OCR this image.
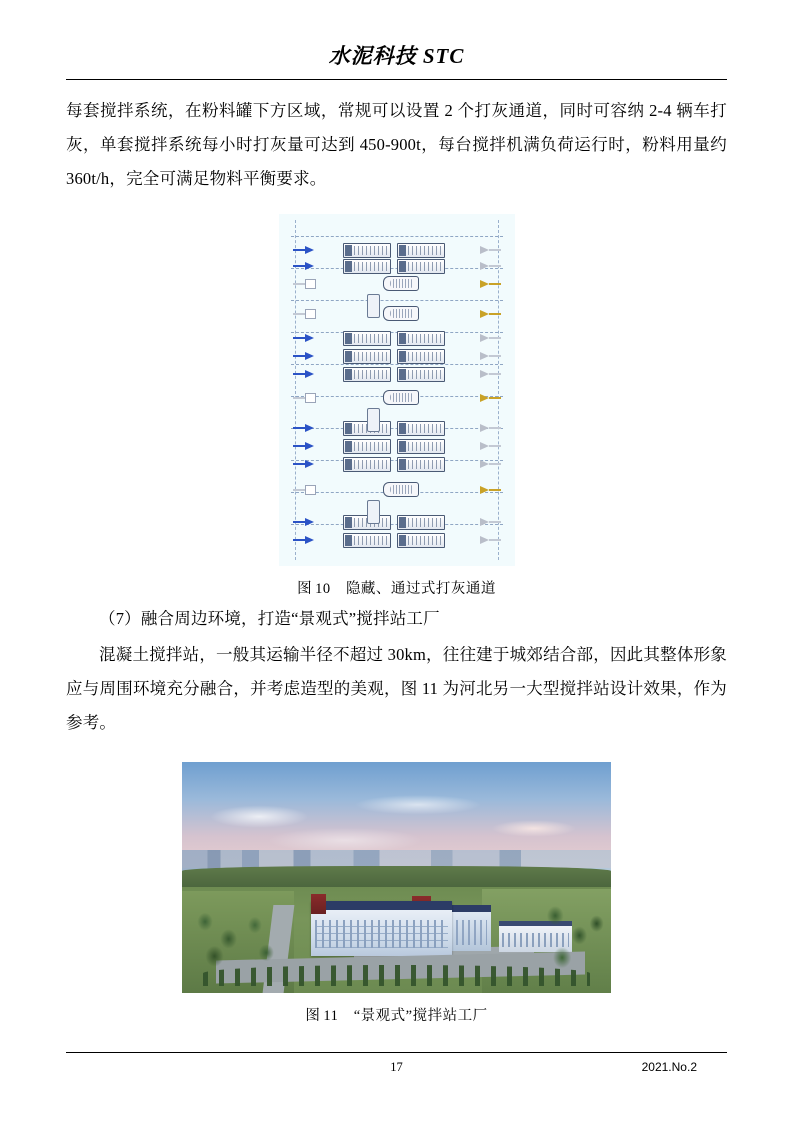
水泥科技 STC
每套搅拌系统，在粉料罐下方区域，常规可以设置 2 个打灰通道，同时可容纳 2-4 辆车打灰，单套搅拌系统每小时打灰量可达到 450-900t，每台搅拌机满负荷运行时，粉料用量约 360t/h，完全可满足物料平衡要求。
图 10 隐藏、通过式打灰通道
（7）融合周边环境，打造“景观式”搅拌站工厂
混凝土搅拌站，一般其运输半径不超过 30km，往往建于城郊结合部，因此其整体形象应与周围环境充分融合，并考虑造型的美观，图 11 为河北另一大型搅拌站设计效果，作为参考。
图 11 “景观式”搅拌站工厂
17	2021.No.2
